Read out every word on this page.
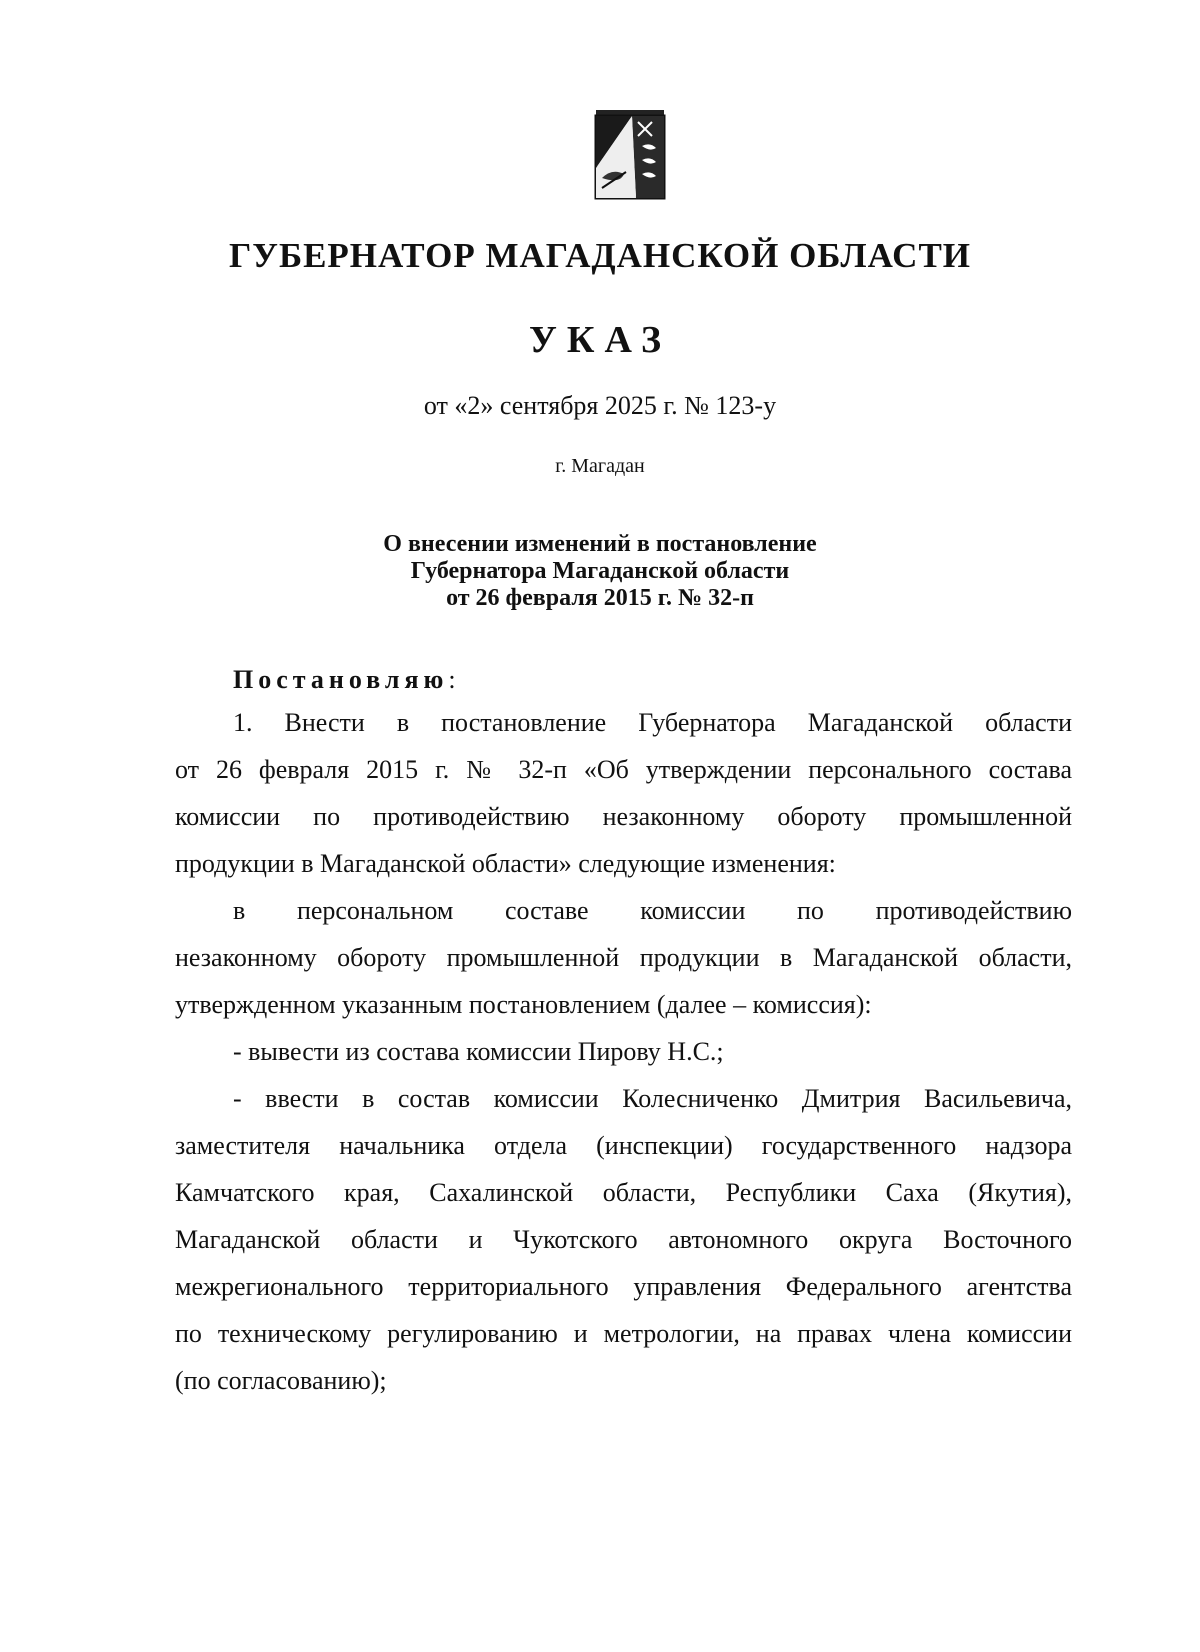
ГУБЕРНАТОР МАГАДАНСКОЙ ОБЛАСТИ
УКАЗ
от «2» сентября 2025 г. № 123-у
г. Магадан
О внесении изменений в постановление
Губернатора Магаданской области
от 26 февраля 2015 г. № 32-п
Постановляю:
1. Внести в постановление Губернатора Магаданской области
от 26 февраля 2015 г. № 32-п «Об утверждении персонального состава
комиссии по противодействию незаконному обороту промышленной
продукции в Магаданской области» следующие изменения:
в персональном составе комиссии по противодействию
незаконному обороту промышленной продукции в Магаданской области,
утвержденном указанным постановлением (далее – комиссия):
- вывести из состава комиссии Пирову Н.С.;
- ввести в состав комиссии Колесниченко Дмитрия Васильевича,
заместителя начальника отдела (инспекции) государственного надзора
Камчатского края, Сахалинской области, Республики Саха (Якутия),
Магаданской области и Чукотского автономного округа Восточного
межрегионального территориального управления Федерального агентства
по техническому регулированию и метрологии, на правах члена комиссии
(по согласованию);
